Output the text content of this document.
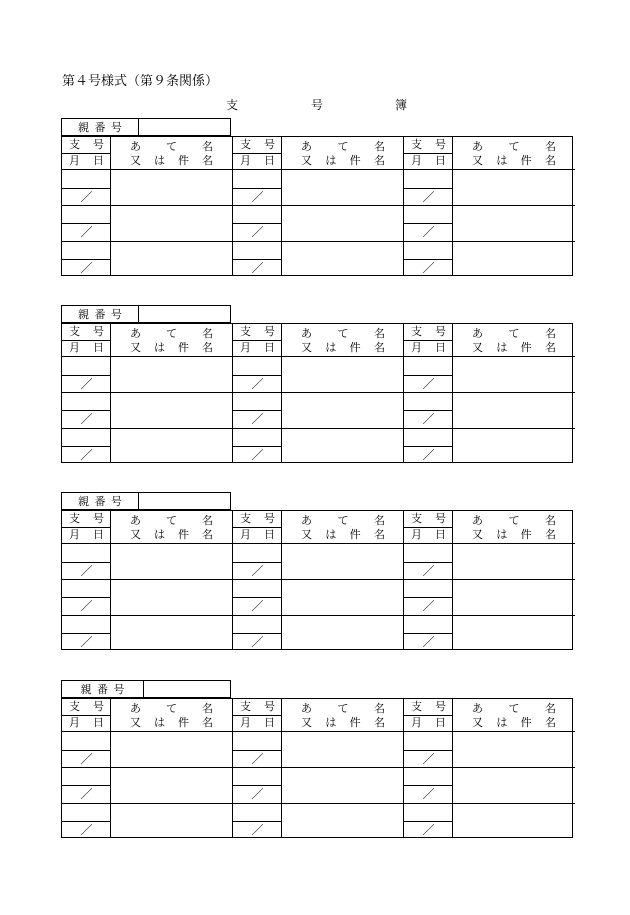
第４号様式（第９条関係）
支	号	簿
親番号
支 号
月 日
あ て 名
又 は 件 名
／
／
／
支 号
月 日
あ て 名
又 は 件 名
／
／
／
支 号
月 日
あ て 名
又 は 件 名
／
／
／
親番号
支 号
月 日
あ て 名
又 は 件 名
／
／
／
支 号
月 日
あ て 名
又 は 件 名
／
／
／
支 号
月 日
あ て 名
又 は 件 名
／
／
／
親番号
支 号
月 日
あ て 名
又 は 件 名
／
／
／
支 号
月 日
あ て 名
又 は 件 名
／
／
／
支 号
月 日
あ て 名
又 は 件 名
／
／
／
親番号
支 号
月 日
あ て 名
又 は 件 名
／
／
／
支 号
月 日
あ て 名
又 は 件 名
／
／
／
支 号
月 日
あ て 名
又 は 件 名
／
／
／
